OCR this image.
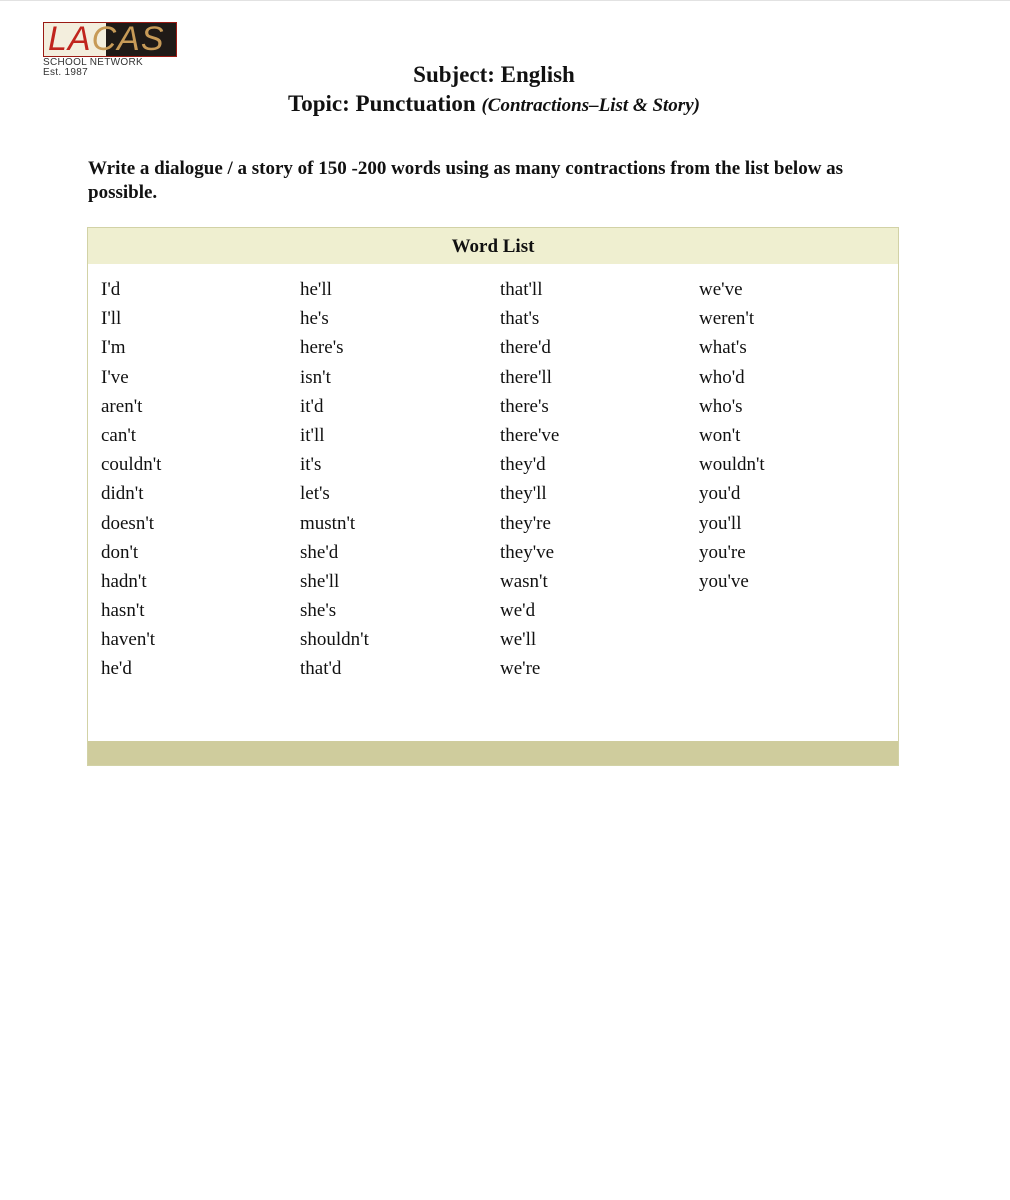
LACAS
SCHOOL NETWORK
Est. 1987	Subject: English
Topic: Punctuation (Contractions–List & Story)
Write a dialogue / a story of 150 -200 words using as many contractions from the list below as possible.
Word List
I'd
I'll
I'm
I've
aren't
can't
couldn't
didn't
doesn't
don't
hadn't
hasn't
haven't
he'd
he'll
he's
here's
isn't
it'd
it'll
it's
let's
mustn't
she'd
she'll
she's
shouldn't
that'd
that'll
that's
there'd
there'll
there's
there've
they'd
they'll
they're
they've
wasn't
we'd
we'll
we're
we've
weren't
what's
who'd
who's
won't
wouldn't
you'd
you'll
you're
you've
